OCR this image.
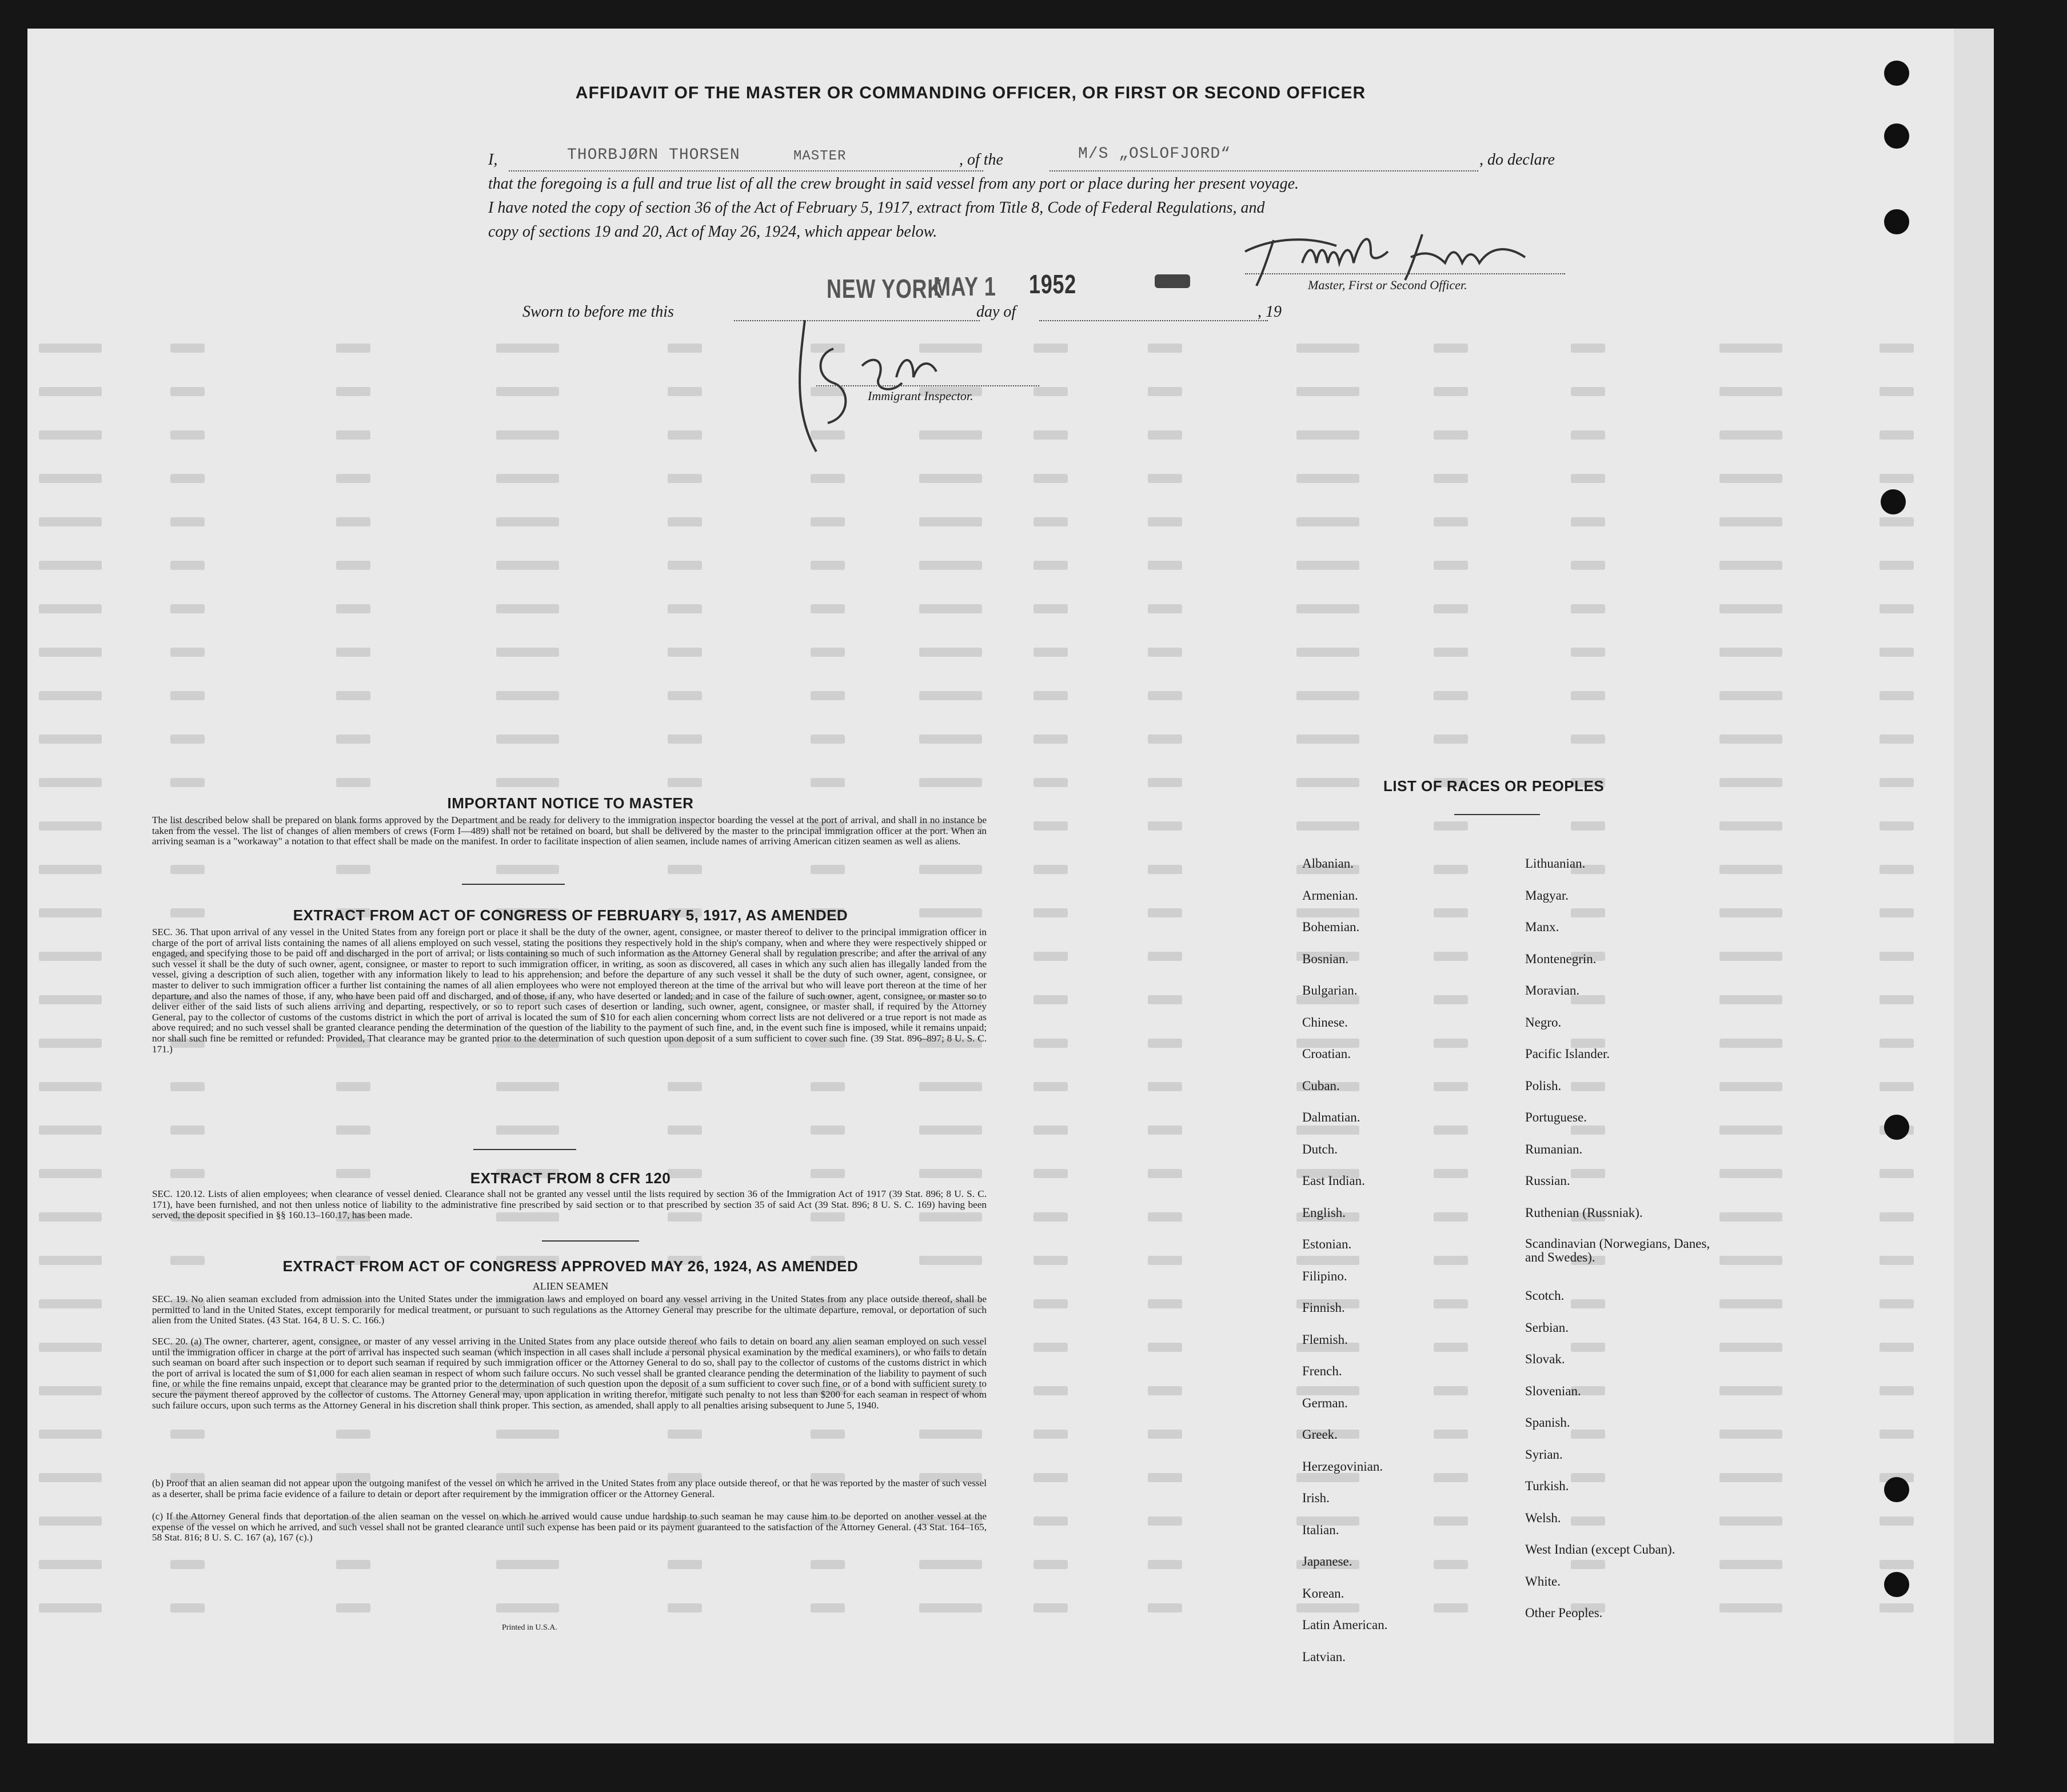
AFFIDAVIT OF THE MASTER OR COMMANDING OFFICER, OR FIRST OR SECOND OFFICER
I,	THORBJØRN THORSEN	MASTER	, of the	M/S „OSLOFJORD“	, do declare
that the foregoing is a full and true list of all the crew brought in said vessel from any port or place during her present voyage.
I have noted the copy of section 36 of the Act of February 5, 1917, extract from Title 8, Code of Federal Regulations, and
copy of sections 19 and 20, Act of May 26, 1924, which appear below.
Master, First or Second Officer.
NEW YORK
MAY 1 1952
Sworn to before me this	day of	, 19
Immigrant Inspector.
IMPORTANT NOTICE TO MASTER
The list described below shall be prepared on blank forms approved by the Department and be ready for delivery to the immigration inspector boarding the vessel at the port of arrival, and shall in no instance be taken from the vessel. The list of changes of alien members of crews (Form I—489) shall not be retained on board, but shall be delivered by the master to the principal immigration officer at the port. When an arriving seaman is a "workaway" a notation to that effect shall be made on the manifest. In order to facilitate inspection of alien seamen, include names of arriving American citizen seamen as well as aliens.
EXTRACT FROM ACT OF CONGRESS OF FEBRUARY 5, 1917, AS AMENDED
SEC. 36. That upon arrival of any vessel in the United States from any foreign port or place it shall be the duty of the owner, agent, consignee, or master thereof to deliver to the principal immigration officer in charge of the port of arrival lists containing the names of all aliens employed on such vessel, stating the positions they respectively hold in the ship's company, when and where they were respectively shipped or engaged, and specifying those to be paid off and discharged in the port of arrival; or lists containing so much of such information as the Attorney General shall by regulation prescribe; and after the arrival of any such vessel it shall be the duty of such owner, agent, consignee, or master to report to such immigration officer, in writing, as soon as discovered, all cases in which any such alien has illegally landed from the vessel, giving a description of such alien, together with any information likely to lead to his apprehension; and before the departure of any such vessel it shall be the duty of such owner, agent, consignee, or master to deliver to such immigration officer a further list containing the names of all alien employees who were not employed thereon at the time of the arrival but who will leave port thereon at the time of her departure, and also the names of those, if any, who have been paid off and discharged, and of those, if any, who have deserted or landed; and in case of the failure of such owner, agent, consignee, or master so to deliver either of the said lists of such aliens arriving and departing, respectively, or so to report such cases of desertion or landing, such owner, agent, consignee, or master shall, if required by the Attorney General, pay to the collector of customs of the customs district in which the port of arrival is located the sum of $10 for each alien concerning whom correct lists are not delivered or a true report is not made as above required; and no such vessel shall be granted clearance pending the determination of the question of the liability to the payment of such fine, and, in the event such fine is imposed, while it remains unpaid; nor shall such fine be remitted or refunded: Provided, That clearance may be granted prior to the determination of such question upon deposit of a sum sufficient to cover such fine. (39 Stat. 896–897; 8 U. S. C. 171.)
EXTRACT FROM 8 CFR 120
SEC. 120.12. Lists of alien employees; when clearance of vessel denied. Clearance shall not be granted any vessel until the lists required by section 36 of the Immigration Act of 1917 (39 Stat. 896; 8 U. S. C. 171), have been furnished, and not then unless notice of liability to the administrative fine prescribed by said section or to that prescribed by section 35 of said Act (39 Stat. 896; 8 U. S. C. 169) having been served, the deposit specified in §§ 160.13–160.17, has been made.
EXTRACT FROM ACT OF CONGRESS APPROVED MAY 26, 1924, AS AMENDED
ALIEN SEAMEN
SEC. 19. No alien seaman excluded from admission into the United States under the immigration laws and employed on board any vessel arriving in the United States from any place outside thereof, shall be permitted to land in the United States, except temporarily for medical treatment, or pursuant to such regulations as the Attorney General may prescribe for the ultimate departure, removal, or deportation of such alien from the United States. (43 Stat. 164, 8 U. S. C. 166.)
SEC. 20. (a) The owner, charterer, agent, consignee, or master of any vessel arriving in the United States from any place outside thereof who fails to detain on board any alien seaman employed on such vessel until the immigration officer in charge at the port of arrival has inspected such seaman (which inspection in all cases shall include a personal physical examination by the medical examiners), or who fails to detain such seaman on board after such inspection or to deport such seaman if required by such immigration officer or the Attorney General to do so, shall pay to the collector of customs of the customs district in which the port of arrival is located the sum of $1,000 for each alien seaman in respect of whom such failure occurs. No such vessel shall be granted clearance pending the determination of the liability to payment of such fine, or while the fine remains unpaid, except that clearance may be granted prior to the determination of such question upon the deposit of a sum sufficient to cover such fine, or of a bond with sufficient surety to secure the payment thereof approved by the collector of customs. The Attorney General may, upon application in writing therefor, mitigate such penalty to not less than $200 for each seaman in respect of whom such failure occurs, upon such terms as the Attorney General in his discretion shall think proper. This section, as amended, shall apply to all penalties arising subsequent to June 5, 1940.
(b) Proof that an alien seaman did not appear upon the outgoing manifest of the vessel on which he arrived in the United States from any place outside thereof, or that he was reported by the master of such vessel as a deserter, shall be prima facie evidence of a failure to detain or deport after requirement by the immigration officer or the Attorney General.
(c) If the Attorney General finds that deportation of the alien seaman on the vessel on which he arrived would cause undue hardship to such seaman he may cause him to be deported on another vessel at the expense of the vessel on which he arrived, and such vessel shall not be granted clearance until such expense has been paid or its payment guaranteed to the satisfaction of the Attorney General. (43 Stat. 164–165, 58 Stat. 816; 8 U. S. C. 167 (a), 167 (c).)
Printed in U.S.A.
LIST OF RACES OR PEOPLES
Albanian.
Armenian.
Bohemian.
Bosnian.
Bulgarian.
Chinese.
Croatian.
Cuban.
Dalmatian.
Dutch.
East Indian.
English.
Estonian.
Filipino.
Finnish.
Flemish.
French.
German.
Greek.
Herzegovinian.
Irish.
Italian.
Japanese.
Korean.
Latin American.
Latvian.
Lithuanian.
Magyar.
Manx.
Montenegrin.
Moravian.
Negro.
Pacific Islander.
Polish.
Portuguese.
Rumanian.
Russian.
Ruthenian (Russniak).
Scandinavian (Norwegians, Danes, and Swedes).
Scotch.
Serbian.
Slovak.
Slovenian.
Spanish.
Syrian.
Turkish.
Welsh.
West Indian (except Cuban).
White.
Other Peoples.
